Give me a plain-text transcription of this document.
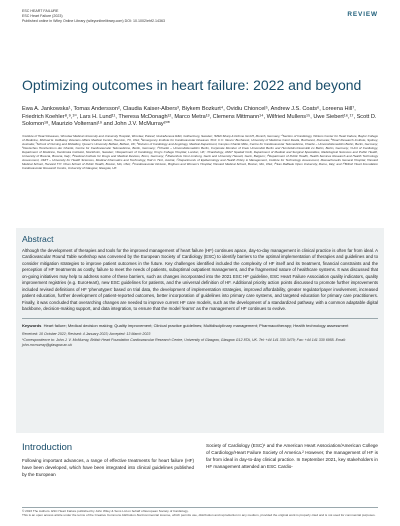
ESC HEART FAILURE
ESC Heart Failure (2023)
Published online in Wiley Online Library (wileyonlinelibrary.com) DOI: 10.1002/ehf2.14363
REVIEW
Optimizing outcomes in heart failure: 2022 and beyond
Ewa A. Jankowska¹, Tomas Andersson², Claudia Kaiser-Albers³, Biykem Bozkurt⁴, Ovidiu Chioncel⁵, Andrew J.S. Coats⁶, Loreena Hill⁷, Friedrich Koehler⁸,⁹,¹⁰, Lars H. Lund¹¹, Theresa McDonagh¹², Marco Metra¹³, Clemens Mittmann¹⁴, Wilfried Mullens¹⁵, Uwe Siebert¹⁶,¹⁷, Scott D. Solomon¹⁸, Maurizio Volterrani¹⁹ and John J.V. McMurray²⁰*
¹Institute of Heart Diseases, Wroclaw Medical University and University Hospital, Wroclaw, Poland; ²AstraZeneca R&D, Gothenburg, Sweden; ³MSD Sharp & Dohme GmbH, Munich, Germany; ⁴Section of Cardiology, Winters Center for Heart Failure, Baylor College of Medicine, Michael E. DeBakey Veterans Affairs Medical Center, Houston, TX, USA; ⁵Emergency Institute for Cardiovascular Diseases 'Prof. C.C. Iliescu' Bucharest, University of Medicine Carol Davila, Bucharest, Romania; ⁶Heart Research Institute, Sydney, Australia; ⁷School of Nursing and Midwifery, Queen's University Belfast, Belfast, UK; ⁸Division of Cardiology and Angiology, Medical Department, Campus Charité Mitte, Centre for Cardiovascular Telemedicine, Charité – Universitätsmedizin Berlin, Berlin, Germany; ⁹Deutsches Herzzentrum der Charité, Centre for Cardiovascular Telemedicine, Berlin, Germany; ¹⁰Charité – Universitätsmedizin Berlin, Corporate Member of Freie Universität Berlin and Humboldt-Universität zu Berlin, Berlin, Germany; ¹¹Unit of Cardiology, Department of Medicine, Karolinska Institutet, Stockholm, Sweden; ¹²Department of Cardiology, King's College Hospital, London, UK; ¹³Cardiology, ASST Spedali Civili, Department of Medical and Surgical Specialties, Radiological Sciences and Public Health, University of Brescia, Brescia, Italy; ¹⁴Federal Institute for Drugs and Medical Devices, Bonn, Germany; ¹⁵Ziekenhuis Oost Limburg, Genk and University Hasselt, Genk, Belgium; ¹⁶Department of Public Health, Health Services Research and Health Technology Assessment, UMIT – University for Health Sciences, Medical Informatics and Technology, Hall in Tirol, Austria; ¹⁷Departments of Epidemiology and Health Policy & Management, Institute for Technology Assessment, Massachusetts General Hospital, Harvard Medical School, Harvard T.H. Chan School of Public Health, Boston, MA, USA; ¹⁸Cardiovascular Division, Brigham and Women's Hospital, Harvard Medical School, Boston, MA, USA; ¹⁹San Raffaele Open University, Rome, Italy; and ²⁰British Heart Foundation Cardiovascular Research Centre, University of Glasgow, Glasgow, UK
Abstract

Although the development of therapies and tools for the improved management of heart failure (HF) continues apace, day-to-day management in clinical practice is often far from ideal. A Cardiovascular Round Table workshop was convened by the European Society of Cardiology (ESC) to identify barriers to the optimal implementation of therapies and guidelines and to consider mitigation strategies to improve patient outcomes in the future. Key challenges identified included the complexity of HF itself and its treatment, financial constraints and the perception of HF treatments as costly, failure to meet the needs of patients, suboptimal outpatient management, and the fragmented nature of healthcare systems. It was discussed that on-going initiatives may help to address some of these barriers, such as changes incorporated into the 2021 ESC HF guideline, ESC Heart Failure Association quality indicators, quality improvement registries (e.g. EuroHeart), new ESC guidelines for patients, and the universal definition of HF. Additional priority action points discussed to promote further improvements included revised definitions of HF 'phenotypes' based on trial data, the development of implementation strategies, improved affordability, greater regulator/payer involvement, increased patient education, further development of patient-reported outcomes, better incorporation of guidelines into primary care systems, and targeted education for primary care practitioners. Finally, it was concluded that overarching changes are needed to improve current HF care models, such as the development of a standardized pathway, with a common adaptable digital backbone, decision-making support, and data integration, to ensure that the model 'learns' as the management of HF continues to evolve.

Keywords Heart failure; Medical decision making; Quality improvement; Clinical practice guidelines; Multidisciplinary management; Pharmacotherapy; Health technology assessment

Received: 10 October 2022; Revised: 4 January 2023; Accepted: 13 March 2023

*Correspondence to: John J. V. McMurray, British Heart Foundation Cardiovascular Research Centre, University of Glasgow, Glasgow G12 8TA, UK. Tel: +44 141 330 3479; Fax: +44 141 330 6955. Email: john.mcmurray@glasgow.ac.uk

Introduction

Following important advances, a range of effective treatments for heart failure (HF) have been developed, which have been integrated into clinical guidelines published by the European

Society of Cardiology (ESC)¹ and the American Heart Association/American College of Cardiology/Heart Failure Society of America.² However, the management of HF is far from ideal in day-to-day clinical practice. In September 2021, key stakeholders in HF management attended an ESC Cardio-

© 2023 The Authors. ESC Heart Failure published by John Wiley & Sons Ltd on behalf of European Society of Cardiology.
This is an open access article under the terms of the Creative Commons Attribution-NonCommercial License, which permits use, distribution and reproduction in any medium, provided the original work is properly cited and is not used for commercial purposes.
